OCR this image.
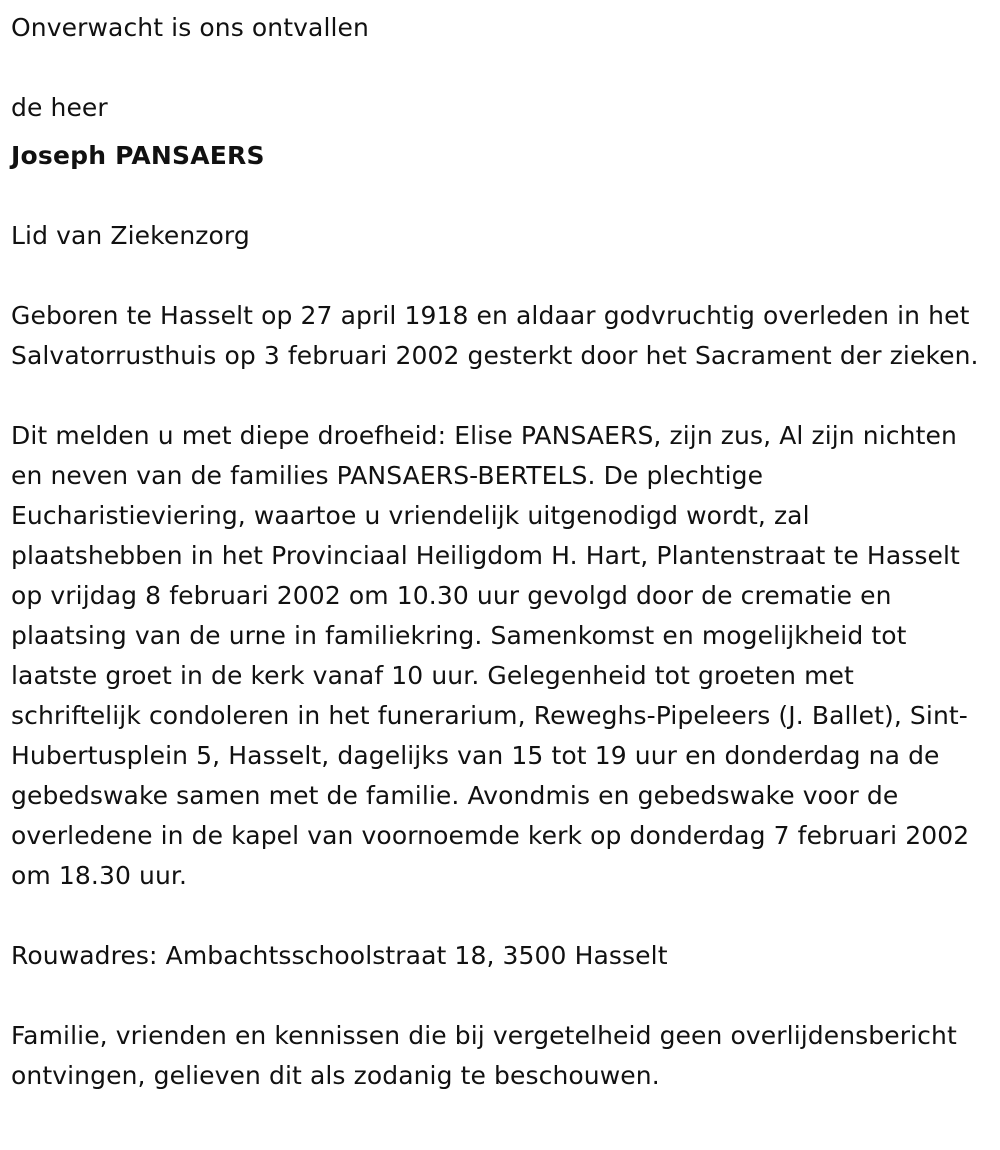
Onverwacht is ons ontvallen

de heer

Joseph PANSAERS

Lid van Ziekenzorg

Geboren te Hasselt op 27 april 1918 en aldaar godvruchtig overleden in het Salvatorrusthuis op 3 februari 2002 gesterkt door het Sacrament der zieken.

Dit melden u met diepe droefheid: Elise PANSAERS, zijn zus, Al zijn nichten en neven van de families PANSAERS-BERTELS. De plechtige Eucharistieviering, waartoe u vriendelijk uitgenodigd wordt, zal plaatshebben in het Provinciaal Heiligdom H. Hart, Plantenstraat te Hasselt op vrijdag 8 februari 2002 om 10.30 uur gevolgd door de crematie en plaatsing van de urne in familiekring. Samenkomst en mogelijkheid tot laatste groet in de kerk vanaf 10 uur. Gelegenheid tot groeten met schriftelijk condoleren in het funerarium, Reweghs-Pipeleers (J. Ballet), Sint-Hubertusplein 5, Hasselt, dagelijks van 15 tot 19 uur en donderdag na de gebedswake samen met de familie. Avondmis en gebedswake voor de overledene in de kapel van voornoemde kerk op donderdag 7 februari 2002 om 18.30 uur.

Rouwadres: Ambachtsschoolstraat 18, 3500 Hasselt

Familie, vrienden en kennissen die bij vergetelheid geen overlijdensbericht ontvingen, gelieven dit als zodanig te beschouwen.
